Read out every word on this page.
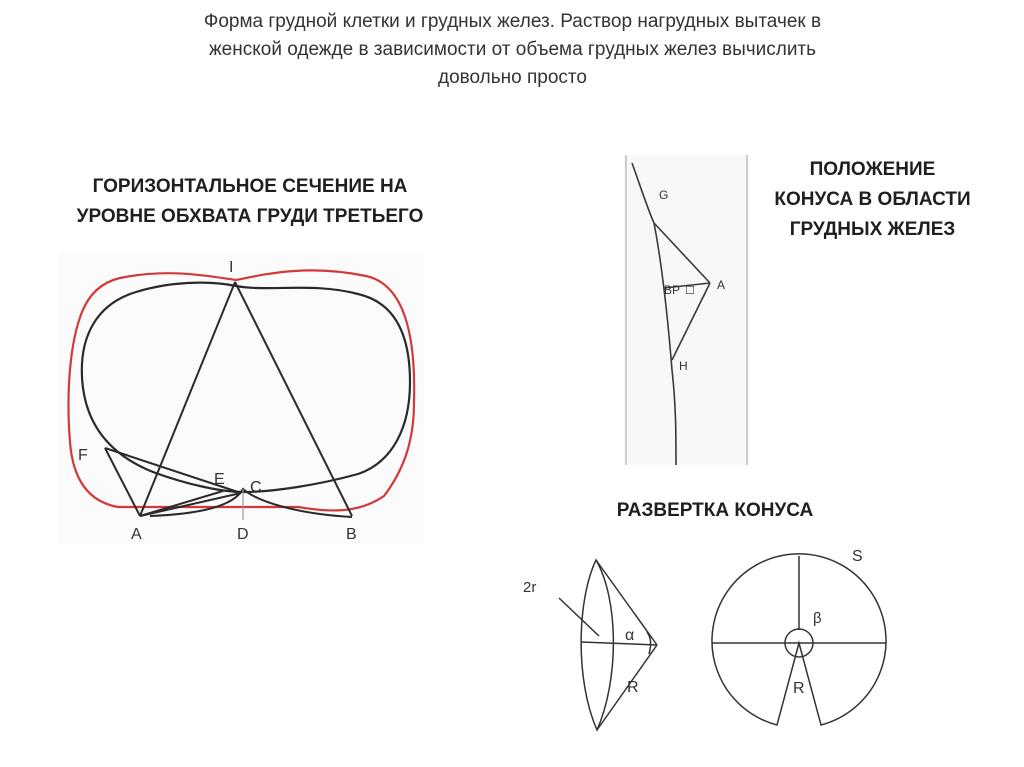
Форма грудной клетки и грудных желез. Раствор нагрудных вытачек в
женской одежде в зависимости от объема грудных желез вычислить
довольно просто
ГОРИЗОНТАЛЬНОЕ СЕЧЕНИЕ НА
УРОВНЕ ОБХВАТА ГРУДИ ТРЕТЬЕГО
ПОЛОЖЕНИЕ
КОНУСА В ОБЛАСТИ
ГРУДНЫХ ЖЕЛЕЗ
РАЗВЕРТКА КОНУСА
I
F
E C
A	D	B
G
BP ☐ A
H
2r
α
R
S
β
R
